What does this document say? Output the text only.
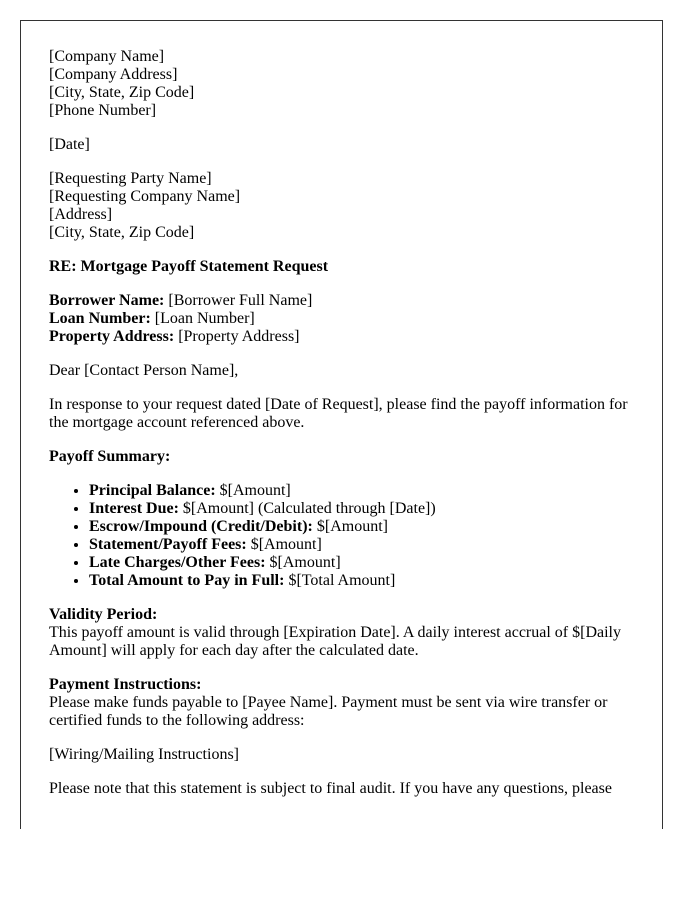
[Company Name]
[Company Address]
[City, State, Zip Code]
[Phone Number]

[Date]

[Requesting Party Name]
[Requesting Company Name]
[Address]
[City, State, Zip Code]

RE: Mortgage Payoff Statement Request

Borrower Name: [Borrower Full Name]
Loan Number: [Loan Number]
Property Address: [Property Address]

Dear [Contact Person Name],

In response to your request dated [Date of Request], please find the payoff information for the mortgage account referenced above.

Payoff Summary:

• Principal Balance: $[Amount]
• Interest Due: $[Amount] (Calculated through [Date])
• Escrow/Impound (Credit/Debit): $[Amount]
• Statement/Payoff Fees: $[Amount]
• Late Charges/Other Fees: $[Amount]
• Total Amount to Pay in Full: $[Total Amount]

Validity Period:
This payoff amount is valid through [Expiration Date]. A daily interest accrual of $[Daily Amount] will apply for each day after the calculated date.

Payment Instructions:
Please make funds payable to [Payee Name]. Payment must be sent via wire transfer or certified funds to the following address:

[Wiring/Mailing Instructions]

Please note that this statement is subject to final audit. If you have any questions, please
